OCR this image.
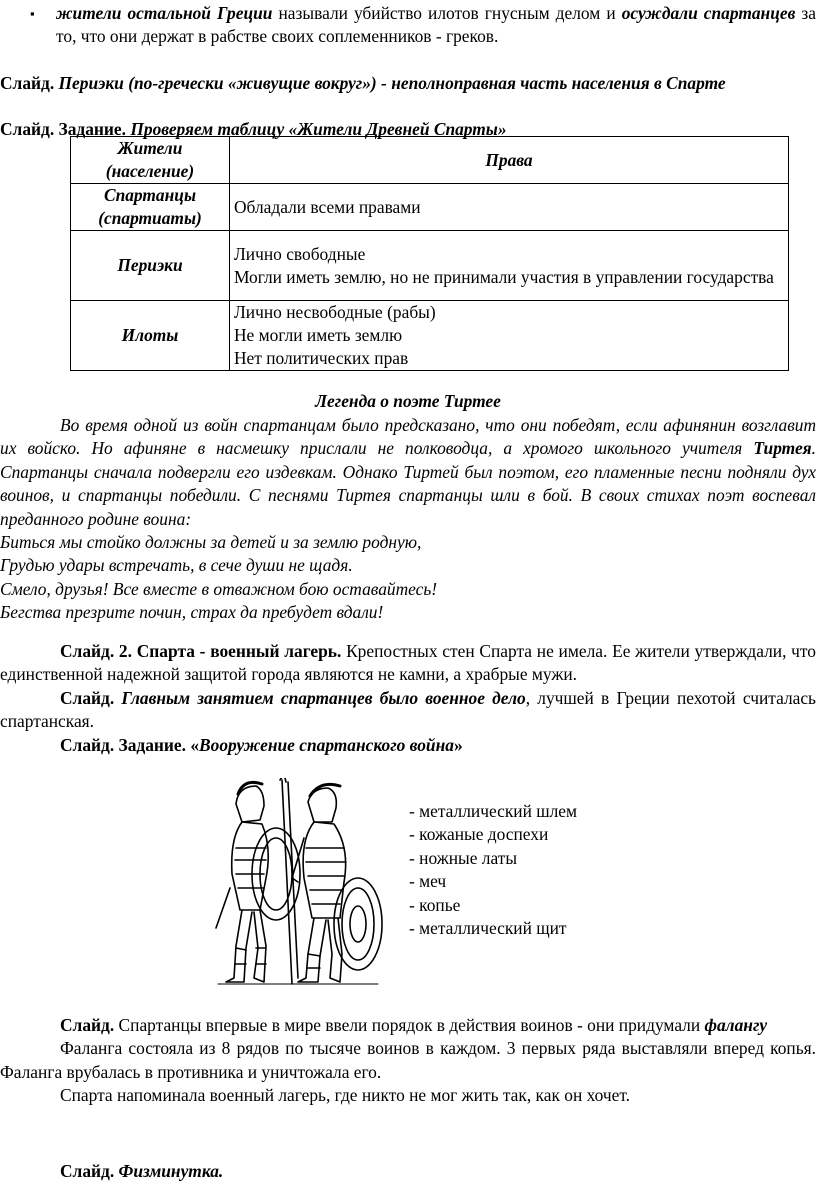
▪ жители остальной Греции называли убийство илотов гнусным делом и осуждали спартанцев за то, что они держат в рабстве своих соплеменников - греков.

Слайд. Периэки (по-гречески «живущие вокруг») - неполноправная часть населения в Спарте

Слайд. Задание. Проверяем таблицу «Жители Древней Спарты»

Жители (население)	Права
Спартанцы (спартиаты)	Обладали всеми правами

Периэки	Лично свободные
Могли иметь землю, но не принимали участия в управлении государства

Илоты	Лично несвободные (рабы)
Не могли иметь землю
Нет политических прав

Легенда о поэте Тиртее

Во время одной из войн спартанцам было предсказано, что они победят, если афинянин возглавит их войско. Но афиняне в насмешку прислали не полководца, а хромого школьного учителя Тиртея. Спартанцы сначала подвергли его издевкам. Однако Тиртей был поэтом, его пламенные песни подняли дух воинов, и спартанцы победили. С песнями Тиртея спартанцы шли в бой. В своих стихах поэт воспевал преданного родине воина:

Биться мы стойко должны за детей и за землю родную,

Грудью удары встречать, в сече души не щадя.

Смело, друзья! Все вместе в отважном бою оставайтесь!

Бегства презрите почин, страх да пребудет вдали!

Слайд. 2. Спарта - военный лагерь. Крепостных стен Спарта не имела. Ее жители утверждали, что единственной надежной защитой города являются не камни, а храбрые мужи.

Слайд. Главным занятием спартанцев было военное дело, лучшей в Греции пехотой считалась спартанская.

Слайд. Задание. «Вооружение спартанского война»

- металлический шлем

- кожаные доспехи

- ножные латы

- меч

- копье

- металлический щит

Слайд. Спартанцы впервые в мире ввели порядок в действия воинов - они придумали фалангу

Фаланга состояла из 8 рядов по тысяче воинов в каждом. 3 первых ряда выставляли вперед копья. Фаланга врубалась в противника и уничтожала его.

Спарта напоминала военный лагерь, где никто не мог жить так, как он хочет.

Слайд. Физминутка.
